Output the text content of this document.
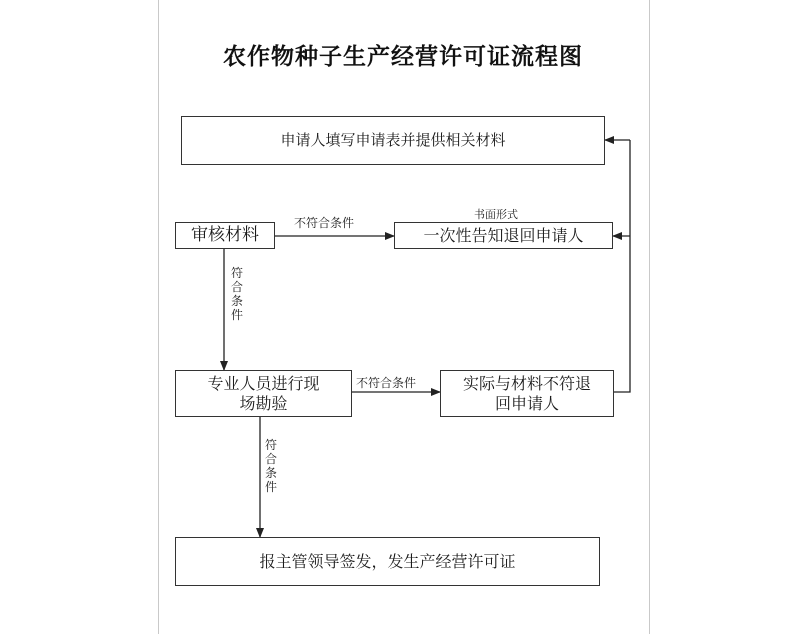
农作物种子生产经营许可证流程图
申请人填写申请表并提供相关材料
审核材料	一次性告知退回申请人
专业人员进行现场勘验
实际与材料不符退回申请人
报主管领导签发，发生产经营许可证
不符合条件
书面形式
符合条件
不符合条件
符合条件
